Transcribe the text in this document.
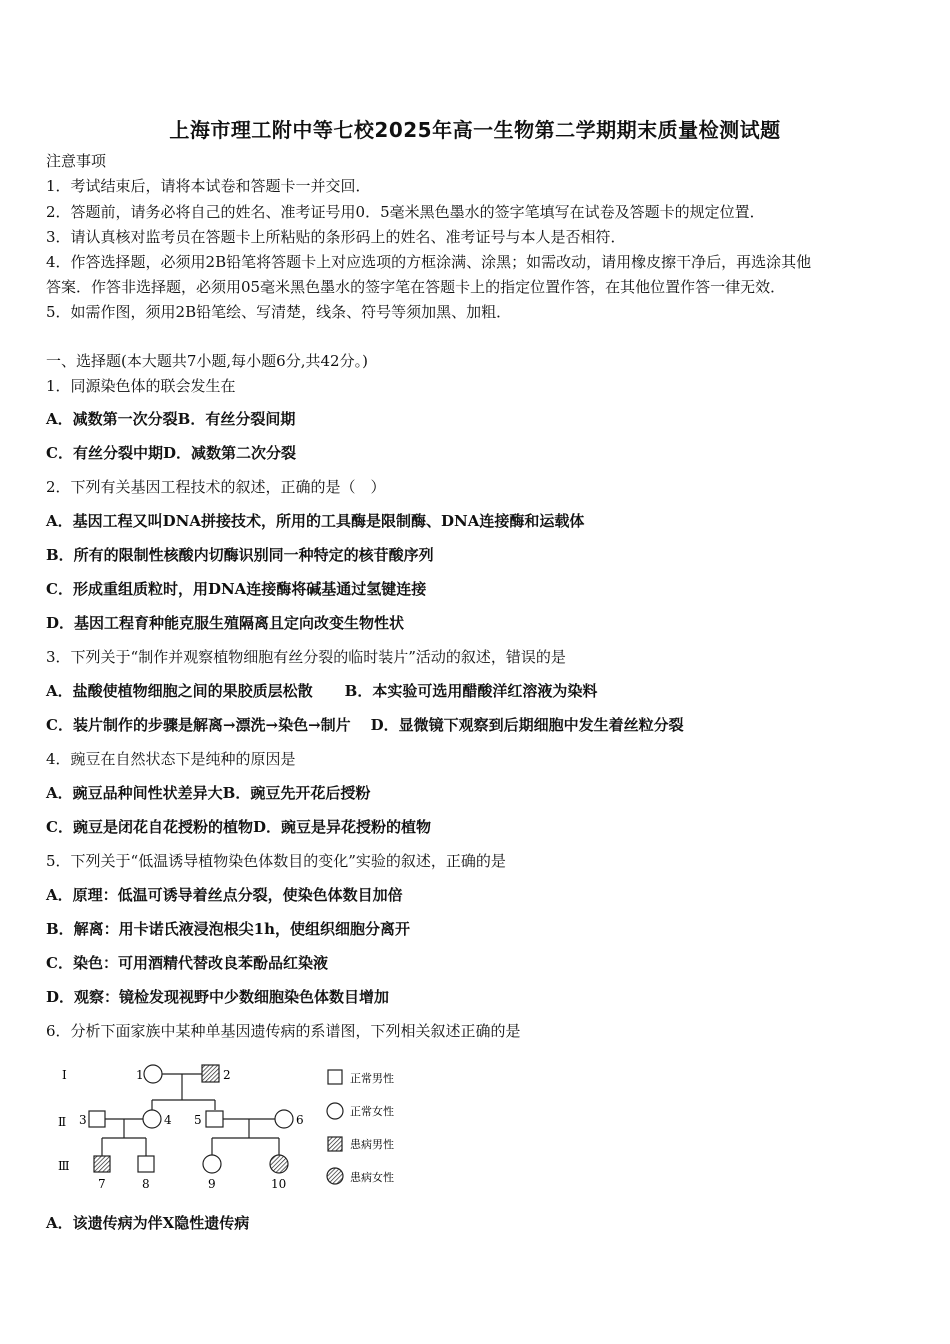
上海市理工附中等七校2025年高一生物第二学期期末质量检测试题
注意事项
1．考试结束后，请将本试卷和答题卡一并交回．
2．答题前，请务必将自己的姓名、准考证号用0．5毫米黑色墨水的签字笔填写在试卷及答题卡的规定位置．
3．请认真核对监考员在答题卡上所粘贴的条形码上的姓名、准考证号与本人是否相符．
4．作答选择题，必须用2B铅笔将答题卡上对应选项的方框涂满、涂黑；如需改动，请用橡皮擦干净后，再选涂其他
答案．作答非选择题，必须用05毫米黑色墨水的签字笔在答题卡上的指定位置作答，在其他位置作答一律无效．
5．如需作图，须用2B铅笔绘、写清楚，线条、符号等须加黑、加粗．
一、选择题(本大题共7小题,每小题6分,共42分。)
1．同源染色体的联会发生在
A．减数第一次分裂B．有丝分裂间期
C．有丝分裂中期D．减数第二次分裂
2．下列有关基因工程技术的叙述，正确的是（　）
A．基因工程又叫DNA拼接技术，所用的工具酶是限制酶、DNA连接酶和运载体
B．所有的限制性核酸内切酶识别同一种特定的核苷酸序列
C．形成重组质粒时，用DNA连接酶将碱基通过氢键连接
D．基因工程育种能克服生殖隔离且定向改变生物性状
3．下列关于“制作并观察植物细胞有丝分裂的临时装片”活动的叙述，错误的是
A．盐酸使植物细胞之间的果胶质层松散 B．本实验可选用醋酸洋红溶液为染料
C．装片制作的步骤是解离→漂洗→染色→制片 D．显微镜下观察到后期细胞中发生着丝粒分裂
4．豌豆在自然状态下是纯种的原因是
A．豌豆品种间性状差异大B．豌豆先开花后授粉
C．豌豆是闭花自花授粉的植物D．豌豆是异花授粉的植物
5．下列关于“低温诱导植物染色体数目的变化”实验的叙述，正确的是
A．原理：低温可诱导着丝点分裂，使染色体数目加倍
B．解离：用卡诺氏液浸泡根尖1h，使组织细胞分离开
C．染色：可用酒精代替改良苯酚品红染液
D．观察：镜检发现视野中少数细胞染色体数目增加
6．分析下面家族中某种单基因遗传病的系谱图，下列相关叙述正确的是
Ⅰ
Ⅱ
Ⅲ
1	2
3	4 5	6
7	8	9	10
正常男性
正常女性
患病男性
患病女性
A．该遗传病为伴X隐性遗传病
